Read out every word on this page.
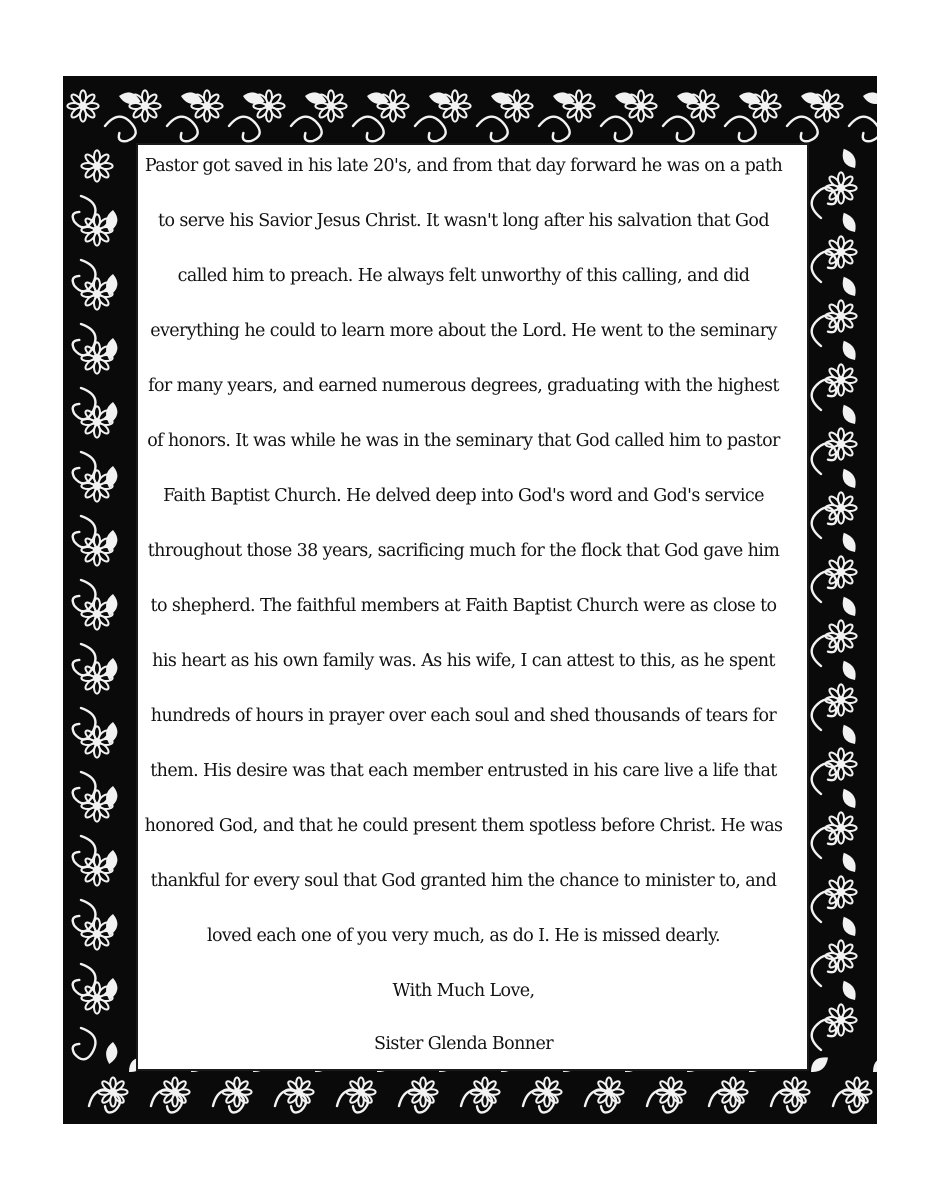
Pastor got saved in his late 20's, and from that day forward he was on a path
to serve his Savior Jesus Christ. It wasn't long after his salvation that God
called him to preach. He always felt unworthy of this calling, and did
everything he could to learn more about the Lord. He went to the seminary
for many years, and earned numerous degrees, graduating with the highest
of honors. It was while he was in the seminary that God called him to pastor
Faith Baptist Church. He delved deep into God's word and God's service
throughout those 38 years, sacrificing much for the flock that God gave him
to shepherd. The faithful members at Faith Baptist Church were as close to
his heart as his own family was. As his wife, I can attest to this, as he spent
hundreds of hours in prayer over each soul and shed thousands of tears for
them. His desire was that each member entrusted in his care live a life that
honored God, and that he could present them spotless before Christ. He was
thankful for every soul that God granted him the chance to minister to, and
loved each one of you very much, as do I. He is missed dearly.
With Much Love,
Sister Glenda Bonner
